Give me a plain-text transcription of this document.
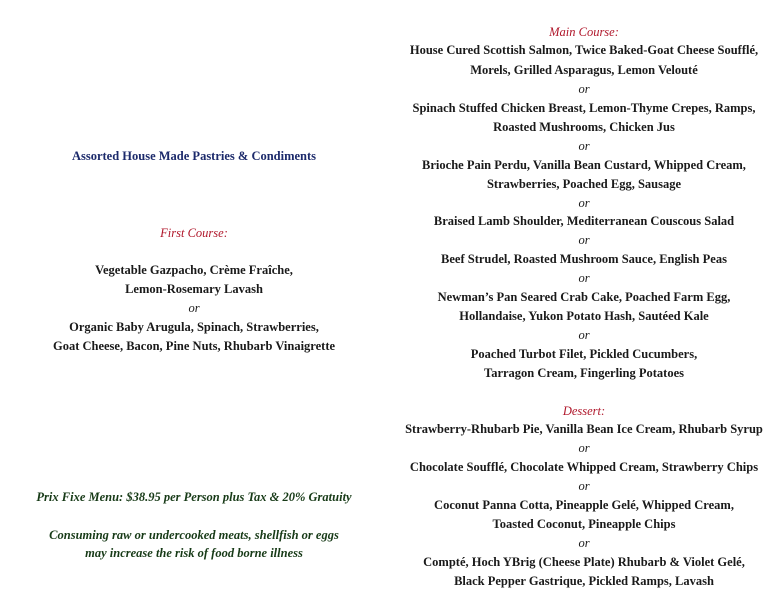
Assorted House Made Pastries & Condiments
First Course:
Vegetable Gazpacho, Crème Fraîche,
Lemon-Rosemary Lavash
or
Organic Baby Arugula, Spinach, Strawberries,
Goat Cheese, Bacon, Pine Nuts, Rhubarb Vinaigrette
Prix Fixe Menu: $38.95 per Person plus Tax & 20% Gratuity
Consuming raw or undercooked meats, shellfish or eggs
may increase the risk of food borne illness
Main Course:
House Cured Scottish Salmon, Twice Baked-Goat Cheese Soufflé,
Morels, Grilled Asparagus, Lemon Velouté
or
Spinach Stuffed Chicken Breast, Lemon-Thyme Crepes, Ramps,
Roasted Mushrooms, Chicken Jus
or
Brioche Pain Perdu, Vanilla Bean Custard, Whipped Cream,
Strawberries, Poached Egg, Sausage
or
Braised Lamb Shoulder, Mediterranean Couscous Salad
or
Beef Strudel, Roasted Mushroom Sauce, English Peas
or
Newman’s Pan Seared Crab Cake, Poached Farm Egg,
Hollandaise, Yukon Potato Hash, Sautéed Kale
or
Poached Turbot Filet, Pickled Cucumbers,
Tarragon Cream, Fingerling Potatoes
Dessert:
Strawberry-Rhubarb Pie, Vanilla Bean Ice Cream, Rhubarb Syrup
or
Chocolate Soufflé, Chocolate Whipped Cream, Strawberry Chips
or
Coconut Panna Cotta, Pineapple Gelé, Whipped Cream,
Toasted Coconut, Pineapple Chips
or
Compté, Hoch YBrig (Cheese Plate) Rhubarb & Violet Gelé,
Black Pepper Gastrique, Pickled Ramps, Lavash
